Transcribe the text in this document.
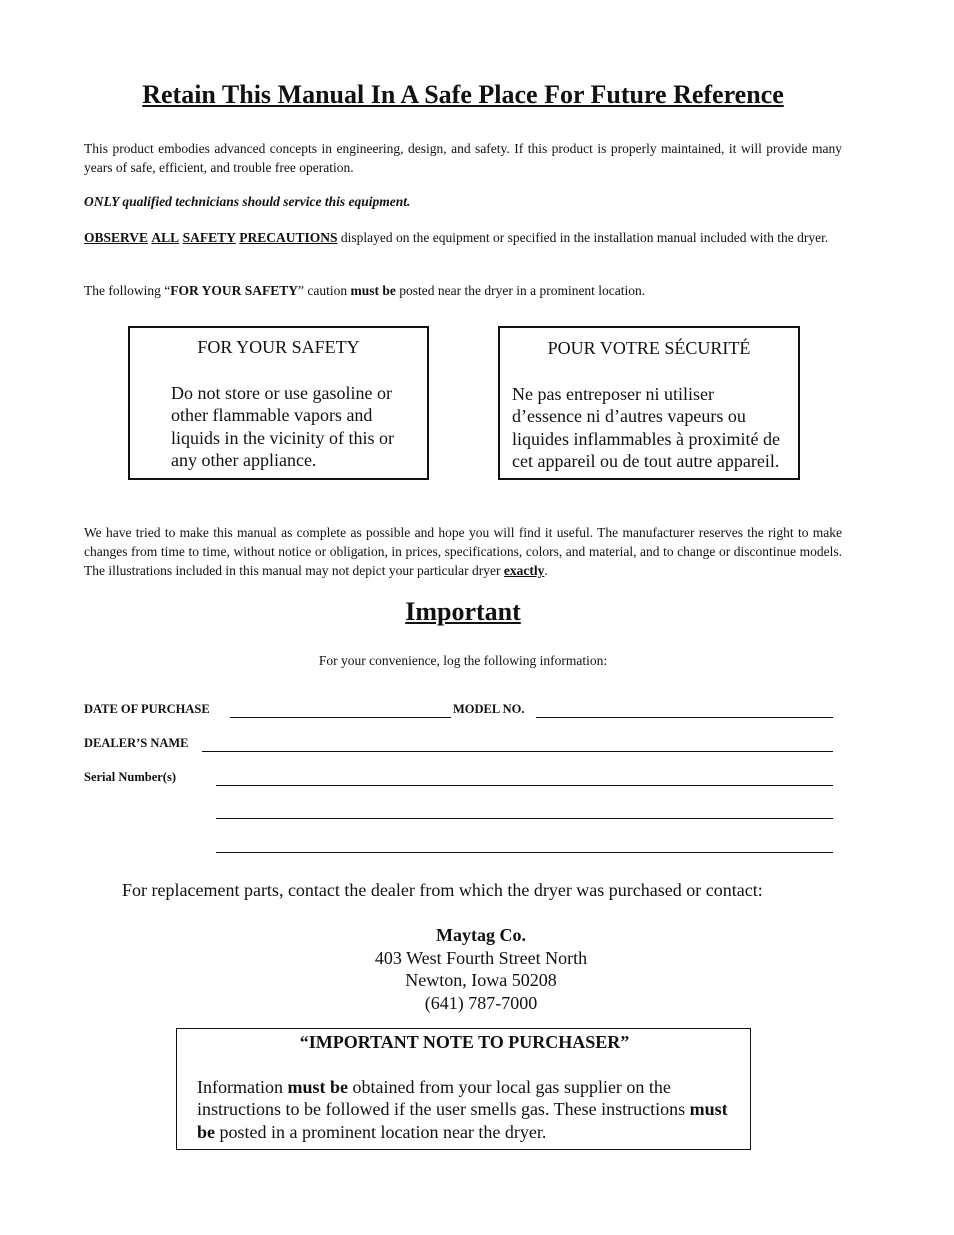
Retain This Manual In A Safe Place For Future Reference

This product embodies advanced concepts in engineering, design, and safety. If this product is properly maintained, it will provide many years of safe, efficient, and trouble free operation.

ONLY qualified technicians should service this equipment.

OBSERVE ALL SAFETY PRECAUTIONS displayed on the equipment or specified in the installation manual included with the dryer.

The following “FOR YOUR SAFETY” caution must be posted near the dryer in a prominent location.

FOR YOUR SAFETY
Do not store or use gasoline or other flammable vapors and liquids in the vicinity of this or any other appliance.
POUR VOTRE SÉCURITÉ
Ne pas entreposer ni utiliser d’essence ni d’autres vapeurs ou liquides inflammables à proximité de cet appareil ou de tout autre appareil.

We have tried to make this manual as complete as possible and hope you will find it useful. The manufacturer reserves the right to make changes from time to time, without notice or obligation, in prices, specifications, colors, and material, and to change or discontinue models. The illustrations included in this manual may not depict your particular dryer exactly.

Important
For your convenience, log the following information:
DATE OF PURCHASE	MODEL NO.
DEALER’S NAME
Serial Number(s)
For replacement parts, contact the dealer from which the dryer was purchased or contact:
Maytag Co.
403 West Fourth Street North
Newton, Iowa 50208
(641) 787-7000
“IMPORTANT NOTE TO PURCHASER”
Information must be obtained from your local gas supplier on the instructions to be followed if the user smells gas. These instructions must be posted in a prominent location near the dryer.
